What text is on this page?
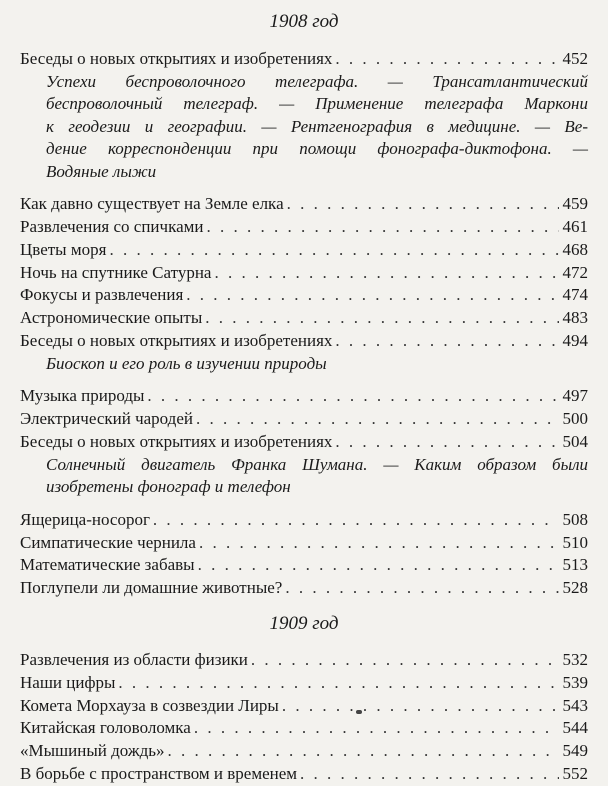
1908 год
Беседы о новых открытиях и изобретениях . . .	452
Успехи беспроволочного телеграфа. — Трансатлантический
беспроволочный телеграф. — Применение телеграфа Маркони
к геодезии и географии. — Рентгенография в медицине. — Ве-
дение корреспонденции при помощи фонографа-диктофона. —
Водяные лыжи
Как давно существует на Земле елка . . .	459
Развлечения со спичками . . .	461
Цветы моря . . .	468
Ночь на спутнике Сатурна . . .	472
Фокусы и развлечения . . .	474
Астрономические опыты . . .	483
Беседы о новых открытиях и изобретениях . . .	494
Биоскоп и его роль в изучении природы
Музыка природы . . .	497
Электрический чародей . . .	500
Беседы о новых открытиях и изобретениях . . .	504
Солнечный двигатель Франка Шумана. — Каким образом были
изобретены фонограф и телефон
Ящерица-носорог . . .	508
Симпатические чернила . . .	510
Математические забавы . . .	513
Поглупели ли домашние животные? . . .	528
1909 год
Развлечения из области физики . . .	532
Наши цифры . . .	539
Комета Морхауза в созвездии Лиры . . .	543
Китайская головоломка . . .	544
«Мышиный дождь» . . .	549
В борьбе с пространством и временем . . .	552
